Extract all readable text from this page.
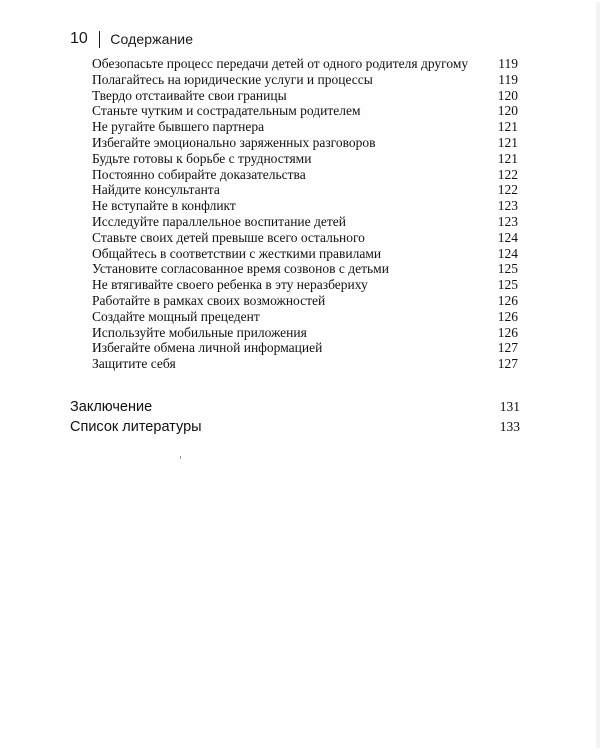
10 Содержание
Обезопасьте процесс передачи детей от одного родителя другому	119
Полагайтесь на юридические услуги и процессы	119
Твердо отстаивайте свои границы	120
Станьте чутким и сострадательным родителем	120
Не ругайте бывшего партнера	121
Избегайте эмоционально заряженных разговоров	121
Будьте готовы к борьбе с трудностями	121
Постоянно собирайте доказательства	122
Найдите консультанта	122
Не вступайте в конфликт	123
Исследуйте параллельное воспитание детей	123
Ставьте своих детей превыше всего остального	124
Общайтесь в соответствии с жесткими правилами	124
Установите согласованное время созвонов с детьми	125
Не втягивайте своего ребенка в эту неразбериху	125
Работайте в рамках своих возможностей	126
Создайте мощный прецедент	126
Используйте мобильные приложения	126
Избегайте обмена личной информацией	127
Защитите себя	127
Заключение	131
Список литературы	133
